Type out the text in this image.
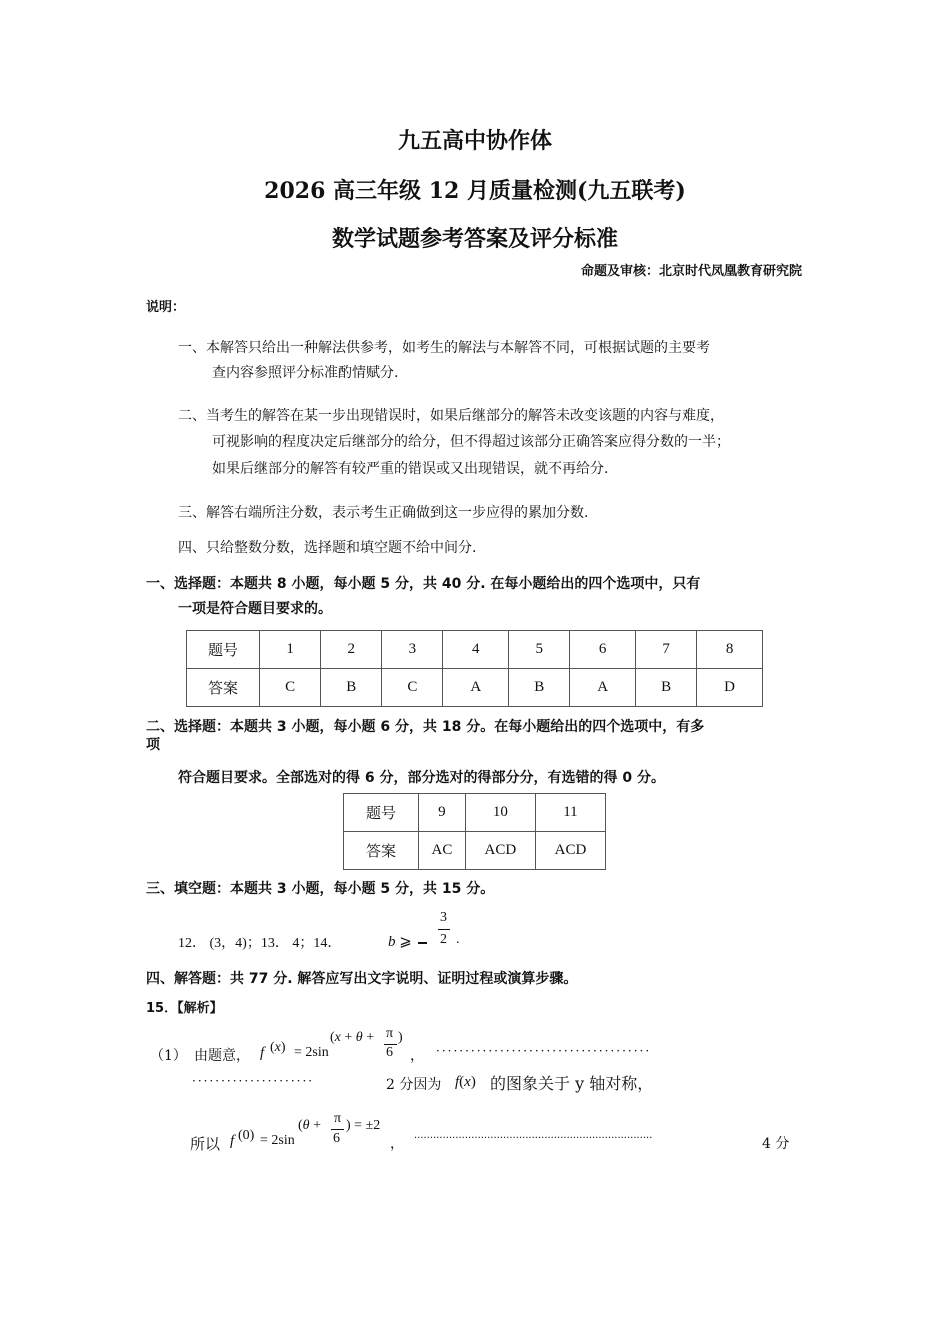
九五高中协作体
2026 高三年级 12 月质量检测(九五联考)
数学试题参考答案及评分标准
命题及审核：北京时代凤凰教育研究院
说明：
一、本解答只给出一种解法供参考，如考生的解法与本解答不同，可根据试题的主要考
查内容参照评分标准酌情赋分.
二、当考生的解答在某一步出现错误时，如果后继部分的解答未改变该题的内容与难度，
可视影响的程度决定后继部分的给分，但不得超过该部分正确答案应得分数的一半；
如果后继部分的解答有较严重的错误或又出现错误，就不再给分.
三、解答右端所注分数，表示考生正确做到这一步应得的累加分数.
四、只给整数分数，选择题和填空题不给中间分.
一、选择题：本题共 8 小题，每小题 5 分，共 40 分. 在每小题给出的四个选项中，只有
一项是符合题目要求的。
题号	1	2	3	4	5	6	7	8
答案	C	B	C	A	B	A	B	D
二、选择题：本题共 3 小题，每小题 6 分，共 18 分。在每小题给出的四个选项中，有多
项
符合题目要求。全部选对的得 6 分，部分选对的得部分分，有选错的得 0 分。
题号	9	10	11
答案	AC	ACD	ACD
三、填空题：本题共 3 小题，每小题 5 分，共 15 分。
12． (3，4)；13． 4；14．	b ⩾
3
2 .
四、解答题：共 77 分. 解答应写出文字说明、证明过程或演算步骤。
15．【解析】
（1） 由题意， f (x) = 2sin
(x + θ + π
6
)
， ·····································
·····················	2 分因为 f(x) 的图象关于 y 轴对称，
所以 f (0) = 2sin
(θ + π
6
) = ±2
， ···········································································	4 分
